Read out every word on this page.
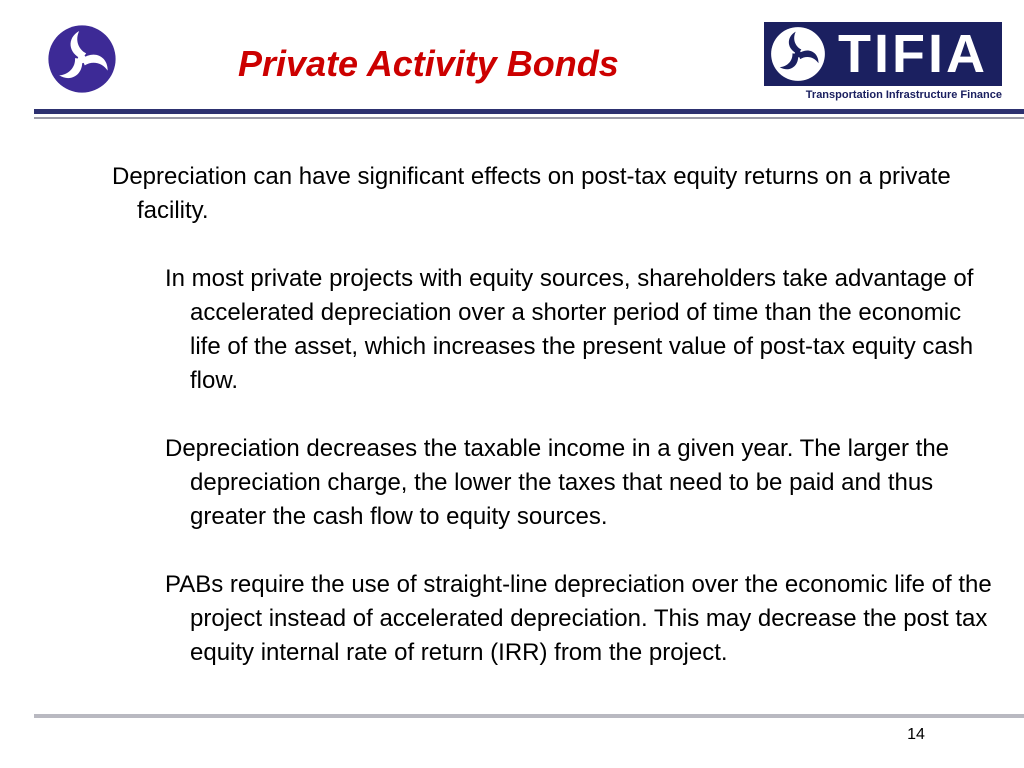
Private Activity Bonds	TIFIA
Transportation Infrastructure Finance

Depreciation can have significant effects on post-tax equity returns on a private facility.

In most private projects with equity sources, shareholders take advantage of accelerated depreciation over a shorter period of time than the economic life of the asset, which increases the present value of post-tax equity cash flow.

Depreciation decreases the taxable income in a given year. The larger the depreciation charge, the lower the taxes that need to be paid and thus greater the cash flow to equity sources.

PABs require the use of straight-line depreciation over the economic life of the project instead of accelerated depreciation. This may decrease the post tax equity internal rate of return (IRR) from the project.

14
